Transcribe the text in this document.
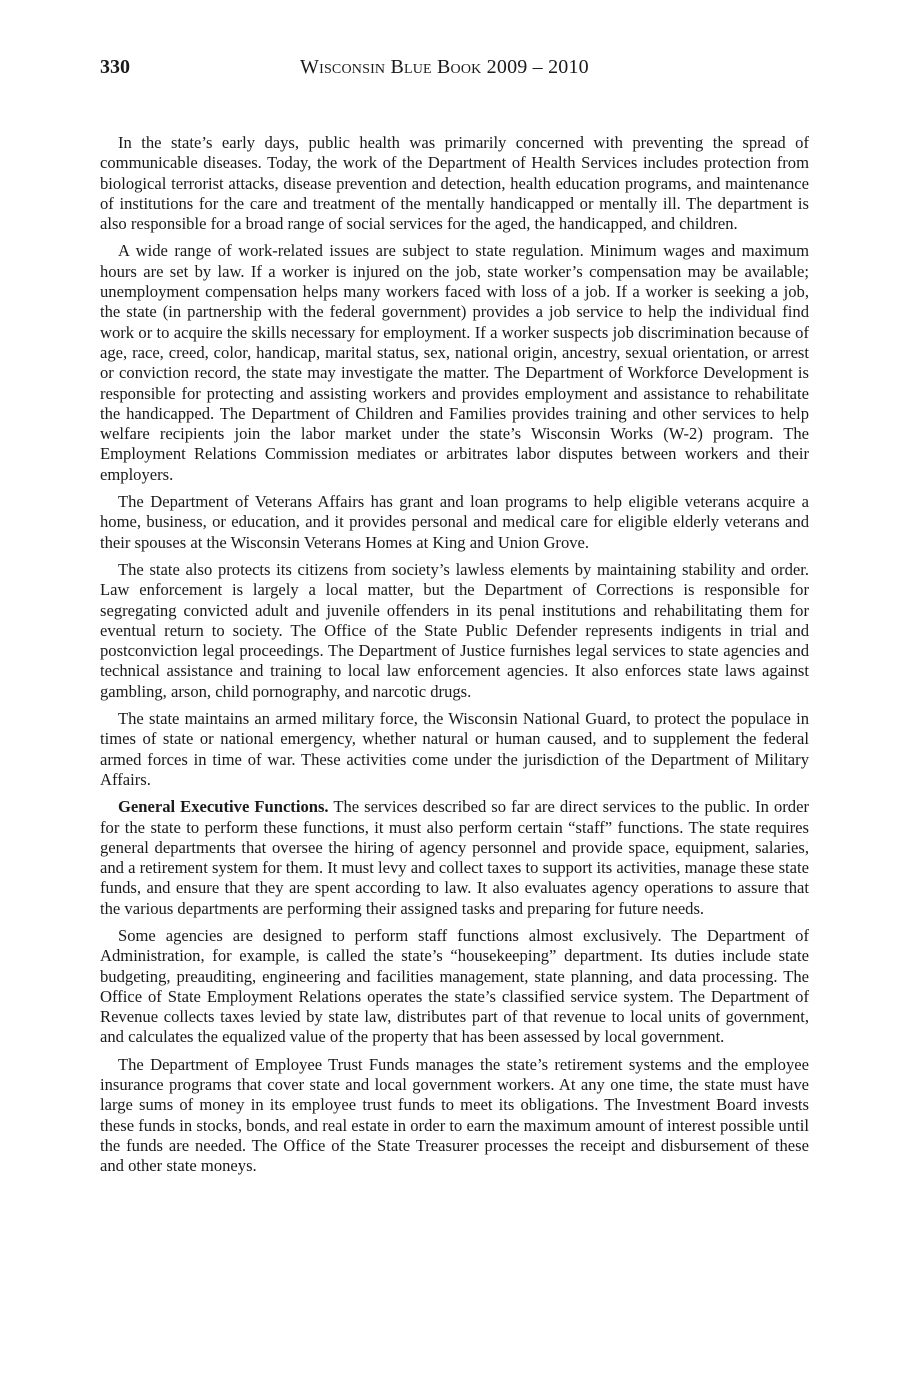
330	Wisconsin Blue Book 2009 – 2010

In the state’s early days, public health was primarily concerned with preventing the spread of communicable diseases. Today, the work of the Department of Health Services includes protection from biological terrorist attacks, disease prevention and detection, health education programs, and maintenance of institutions for the care and treatment of the mentally handicapped or mentally ill. The department is also responsible for a broad range of social services for the aged, the handicapped, and children.

A wide range of work-related issues are subject to state regulation. Minimum wages and maximum hours are set by law. If a worker is injured on the job, state worker’s compensation may be available; unemployment compensation helps many workers faced with loss of a job. If a worker is seeking a job, the state (in partnership with the federal government) provides a job service to help the individual find work or to acquire the skills necessary for employment. If a worker suspects job discrimination because of age, race, creed, color, handicap, marital status, sex, national origin, ancestry, sexual orientation, or arrest or conviction record, the state may investigate the matter. The Department of Workforce Development is responsible for protecting and assisting workers and provides employment and assistance to rehabilitate the handicapped. The Department of Children and Families provides training and other services to help welfare recipients join the labor market under the state’s Wisconsin Works (W-2) program. The Employment Relations Commission mediates or arbitrates labor disputes between workers and their employers.

The Department of Veterans Affairs has grant and loan programs to help eligible veterans acquire a home, business, or education, and it provides personal and medical care for eligible elderly veterans and their spouses at the Wisconsin Veterans Homes at King and Union Grove.

The state also protects its citizens from society’s lawless elements by maintaining stability and order. Law enforcement is largely a local matter, but the Department of Corrections is responsible for segregating convicted adult and juvenile offenders in its penal institutions and rehabilitating them for eventual return to society. The Office of the State Public Defender represents indigents in trial and postconviction legal proceedings. The Department of Justice furnishes legal services to state agencies and technical assistance and training to local law enforcement agencies. It also enforces state laws against gambling, arson, child pornography, and narcotic drugs.

The state maintains an armed military force, the Wisconsin National Guard, to protect the populace in times of state or national emergency, whether natural or human caused, and to supplement the federal armed forces in time of war. These activities come under the jurisdiction of the Department of Military Affairs.

General Executive Functions. The services described so far are direct services to the public. In order for the state to perform these functions, it must also perform certain “staff” functions. The state requires general departments that oversee the hiring of agency personnel and provide space, equipment, salaries, and a retirement system for them. It must levy and collect taxes to support its activities, manage these state funds, and ensure that they are spent according to law. It also evaluates agency operations to assure that the various departments are performing their assigned tasks and preparing for future needs.

Some agencies are designed to perform staff functions almost exclusively. The Department of Administration, for example, is called the state’s “housekeeping” department. Its duties include state budgeting, preauditing, engineering and facilities management, state planning, and data processing. The Office of State Employment Relations operates the state’s classified service system. The Department of Revenue collects taxes levied by state law, distributes part of that revenue to local units of government, and calculates the equalized value of the property that has been assessed by local government.

The Department of Employee Trust Funds manages the state’s retirement systems and the employee insurance programs that cover state and local government workers. At any one time, the state must have large sums of money in its employee trust funds to meet its obligations. The Investment Board invests these funds in stocks, bonds, and real estate in order to earn the maximum amount of interest possible until the funds are needed. The Office of the State Treasurer processes the receipt and disbursement of these and other state moneys.
